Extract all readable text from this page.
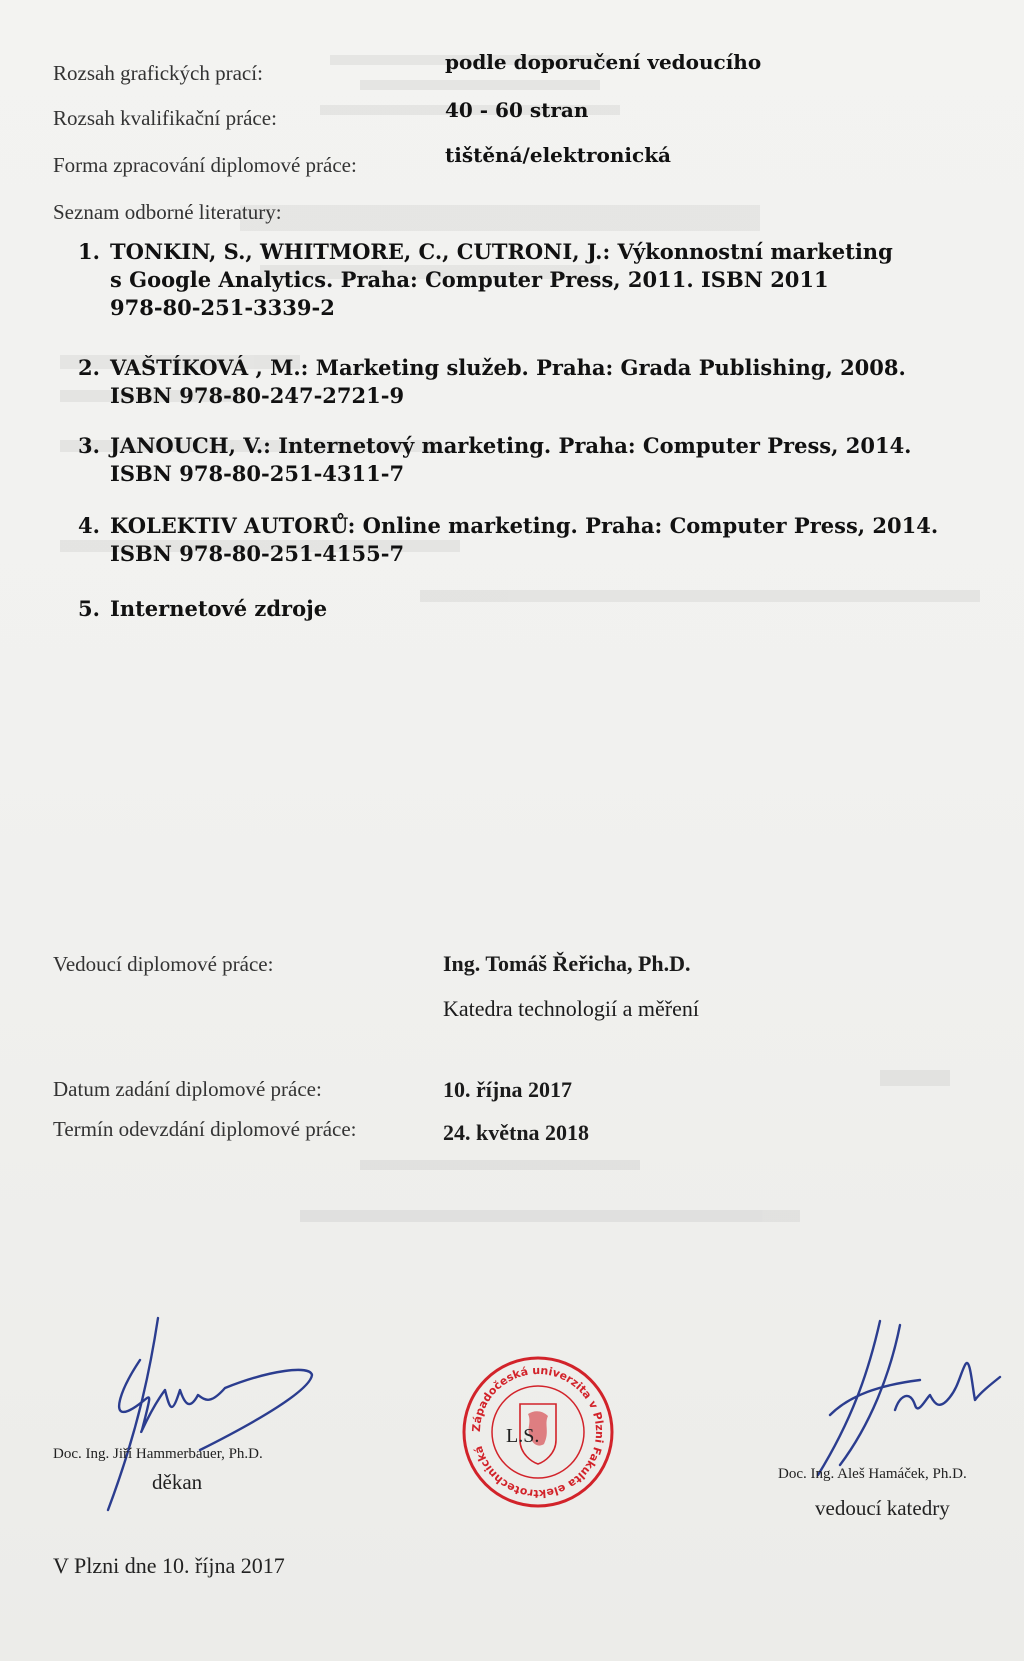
Rozsah grafických prací:	podle doporučení vedoucího
Rozsah kvalifikační práce:	40 - 60 stran
Forma zpracování diplomové práce:	tištěná/elektronická
Seznam odborné literatury:
1. TONKIN, S., WHITMORE, C., CUTRONI, J.: Výkonnostní marketing
s Google Analytics. Praha: Computer Press, 2011. ISBN 2011
978-80-251-3339-2
2. VAŠTÍKOVÁ , M.: Marketing služeb. Praha: Grada Publishing, 2008.
ISBN 978-80-247-2721-9
3. JANOUCH, V.: Internetový marketing. Praha: Computer Press, 2014.
ISBN 978-80-251-4311-7
4. KOLEKTIV AUTORŮ: Online marketing. Praha: Computer Press, 2014.
ISBN 978-80-251-4155-7
5. Internetové zdroje
Vedoucí diplomové práce:	Ing. Tomáš Řeřicha, Ph.D.
Katedra technologií a měření
Datum zadání diplomové práce:	10. října 2017
Termín odevzdání diplomové práce:	24. května 2018
Doc. Ing. Jiří Hammerbauer, Ph.D.
děkan
Západočeská univerzita v Plzni Fakulta elektrotechnická
L.S.
Doc. Ing. Aleš Hamáček, Ph.D.
vedoucí katedry
V Plzni dne 10. října 2017
